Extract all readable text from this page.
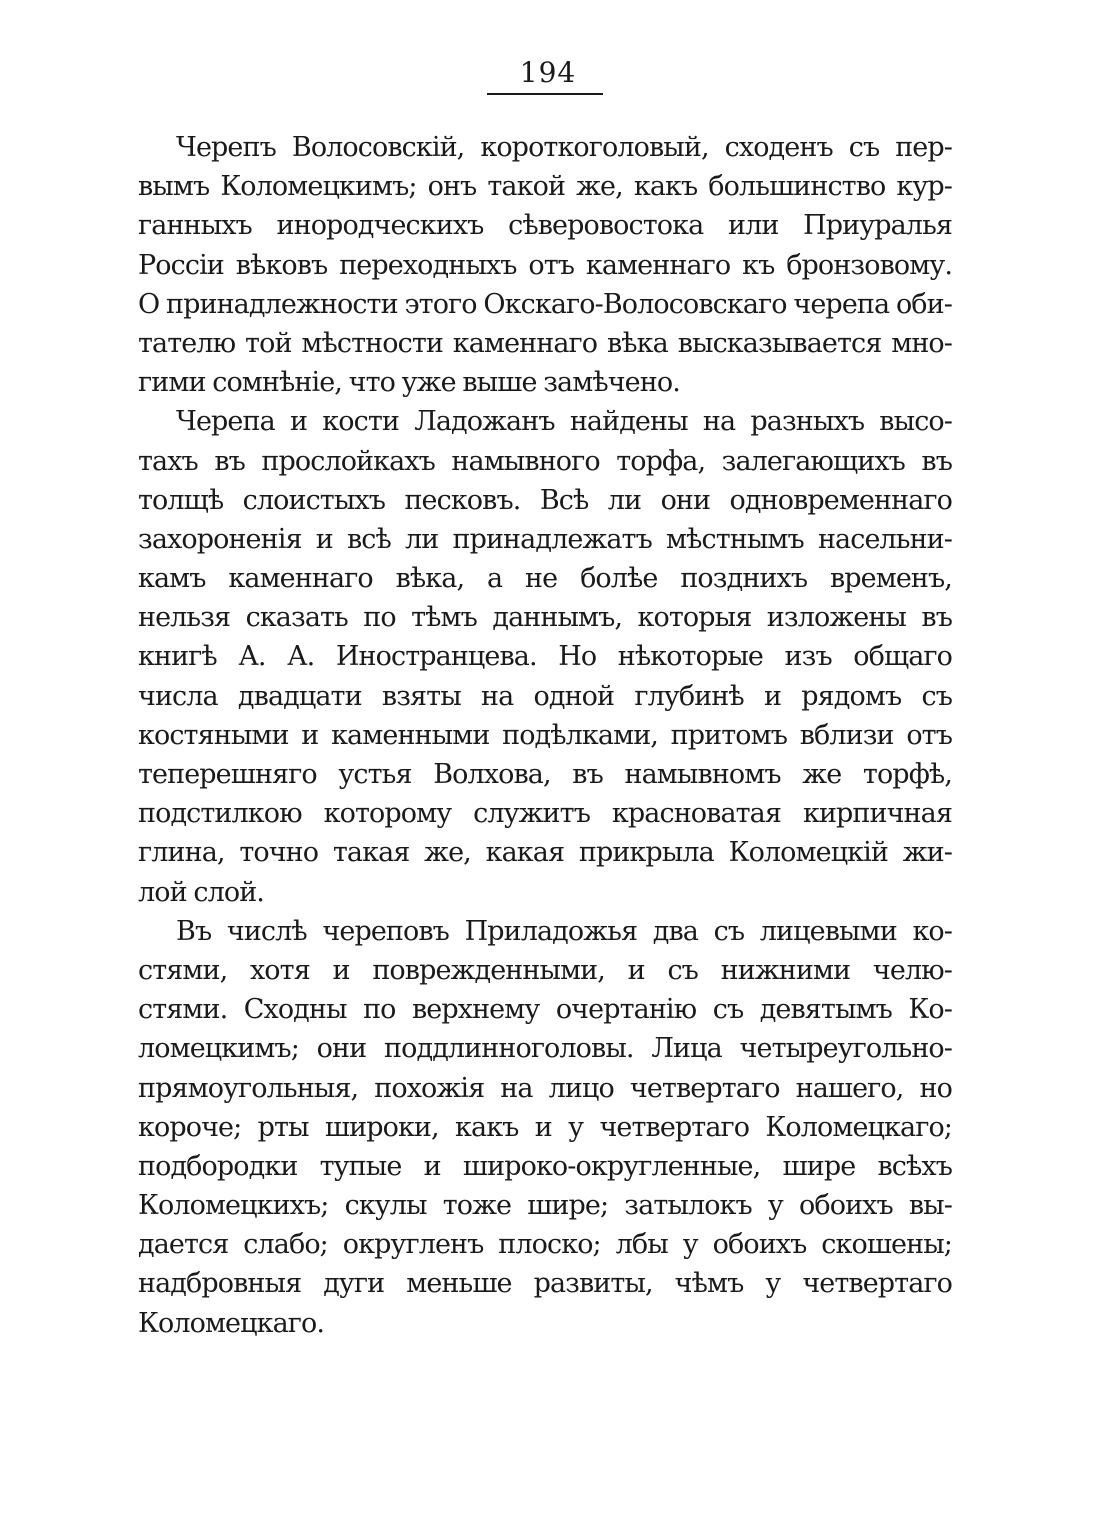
194
Черепъ Волосовскій, короткоголовый, сходенъ съ пер-
вымъ Коломецкимъ; онъ такой же, какъ большинство кур-
ганныхъ инородческихъ сѣверовостока или Приуралья
Россіи вѣковъ переходныхъ отъ каменнаго къ бронзовому.
О принадлежности этого Окскаго-Волосовскаго черепа оби-
тателю той мѣстности каменнаго вѣка высказывается мно-
гими сомнѣніе, что уже выше замѣчено.
Черепа и кости Ладожанъ найдены на разныхъ высо-
тахъ въ прослойкахъ намывного торфа, залегающихъ въ
толщѣ слоистыхъ песковъ. Всѣ ли они одновременнаго
захороненія и всѣ ли принадлежатъ мѣстнымъ насельни-
камъ каменнаго вѣка, а не болѣе позднихъ временъ,
нельзя сказать по тѣмъ даннымъ, которыя изложены въ
книгѣ А. А. Иностранцева. Но нѣкоторые изъ общаго
числа двадцати взяты на одной глубинѣ и рядомъ съ
костяными и каменными подѣлками, притомъ вблизи отъ
теперешняго устья Волхова, въ намывномъ же торфѣ,
подстилкою которому служитъ красноватая кирпичная
глина, точно такая же, какая прикрыла Коломецкій жи-
лой слой.
Въ числѣ череповъ Приладожья два съ лицевыми ко-
стями, хотя и поврежденными, и съ нижними челю-
стями. Сходны по верхнему очертанію съ девятымъ Ко-
ломецкимъ; они поддлинноголовы. Лица четыреугольно-
прямоугольныя, похожія на лицо четвертаго нашего, но
короче; рты широки, какъ и у четвертаго Коломецкаго;
подбородки тупые и широко-округленные, шире всѣхъ
Коломецкихъ; скулы тоже шире; затылокъ у обоихъ вы-
дается слабо; округленъ плоско; лбы у обоихъ скошены;
надбровныя дуги меньше развиты, чѣмъ у четвертаго
Коломецкаго.
